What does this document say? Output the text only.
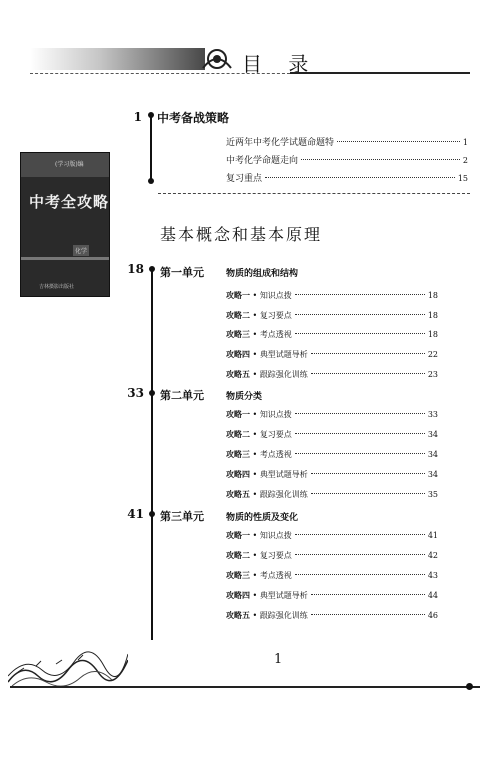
目 录
(学习版)编
中考全攻略
化学
吉林摄影出版社
1 中考备战策略
近两年中考化学试题命题特	1
中考化学命题走向	2
复习重点	15
基本概念和基本原理
18 第一单元 物质的组成和结构
攻略一 • 知识点拨	18
攻略二 • 复习要点	18
攻略三 • 考点透视	18
攻略四 • 典型试题导析	22
攻略五 • 跟踪强化训练	23
33 第二单元 物质分类
攻略一 • 知识点拨	33
攻略二 • 复习要点	34
攻略三 • 考点透视	34
攻略四 • 典型试题导析	34
攻略五 • 跟踪强化训练	35
41 第三单元 物质的性质及变化
攻略一 • 知识点拨	41
攻略二 • 复习要点	42
攻略三 • 考点透视	43
攻略四 • 典型试题导析	44
攻略五 • 跟踪强化训练	46
1
